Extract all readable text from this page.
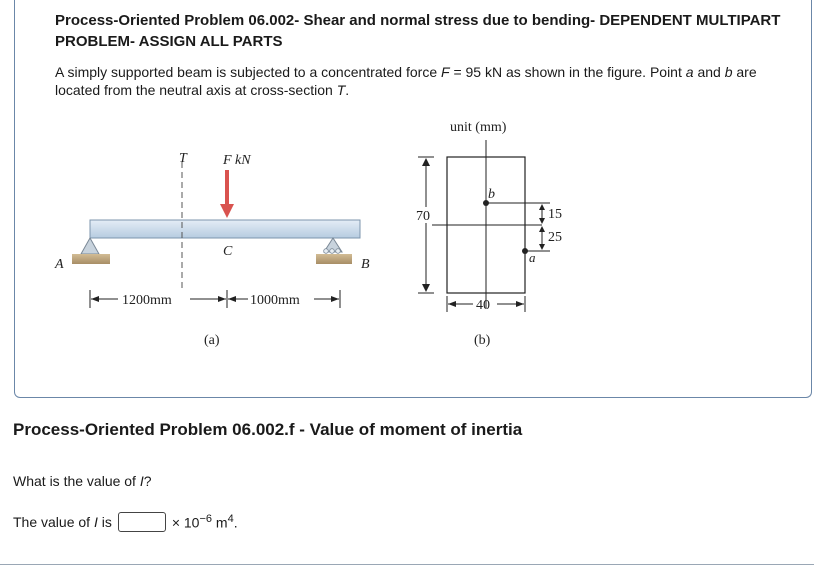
Process-Oriented Problem 06.002- Shear and normal stress due to bending- DEPENDENT MULTIPART PROBLEM- ASSIGN ALL PARTS
A simply supported beam is subjected to a concentrated force F = 95 kN as shown in the figure. Point a and b are located from the neutral axis at cross-section T.
T	F kN
C
A	B
1200mm	1000mm
(a)
unit (mm)
b
a
15
25
70
40
(b)
Process-Oriented Problem 06.002.f - Value of moment of inertia
What is the value of I?
The value of I is	× $10^{-6}$ $m^4$.
